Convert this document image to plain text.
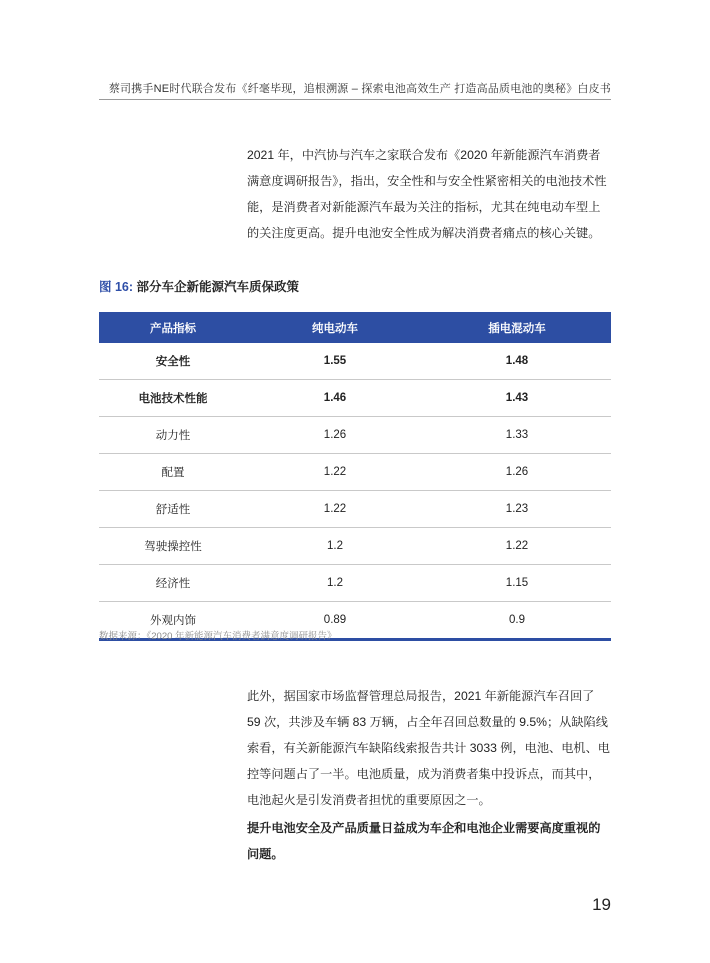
蔡司携手NE时代联合发布《纤毫毕现，追根溯源 – 探索电池高效生产 打造高品质电池的奥秘》白皮书

2021 年，中汽协与汽车之家联合发布《2020 年新能源汽车消费者满意度调研报告》，指出，安全性和与安全性紧密相关的电池技术性能，是消费者对新能源汽车最为关注的指标，尤其在纯电动车型上的关注度更高。提升电池安全性成为解决消费者痛点的核心关键。

图 16: 部分车企新能源汽车质保政策
产品指标	纯电动车	插电混动车
安全性	1.55	1.48
电池技术性能	1.46	1.43
动力性	1.26	1.33
配置	1.22	1.26
舒适性	1.22	1.23
驾驶操控性	1.2	1.22
经济性	1.2	1.15
外观内饰	0.89	0.9
数据来源：《2020 年新能源汽车消费者满意度调研报告》

此外，据国家市场监督管理总局报告，2021 年新能源汽车召回了 59 次，共涉及车辆 83 万辆，占全年召回总数量的 9.5%；从缺陷线索看，有关新能源汽车缺陷线索报告共计 3033 例，电池、电机、电控等问题占了一半。电池质量，成为消费者集中投诉点，而其中，电池起火是引发消费者担忧的重要原因之一。

提升电池安全及产品质量日益成为车企和电池企业需要高度重视的问题。

19
